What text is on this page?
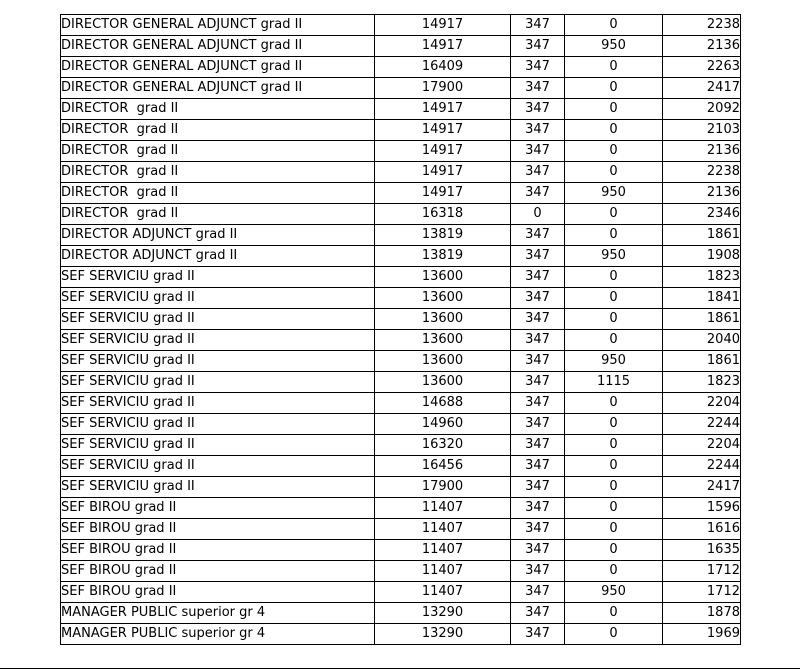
DIRECTOR GENERAL ADJUNCT grad II	14917	347	0	2238
DIRECTOR GENERAL ADJUNCT grad II	14917	347	950	2136
DIRECTOR GENERAL ADJUNCT grad II	16409	347	0	2263
DIRECTOR GENERAL ADJUNCT grad II	17900	347	0	2417
DIRECTOR  grad II	14917	347	0	2092
DIRECTOR  grad II	14917	347	0	2103
DIRECTOR  grad II	14917	347	0	2136
DIRECTOR  grad II	14917	347	0	2238
DIRECTOR  grad II	14917	347	950	2136
DIRECTOR  grad II	16318	0	0	2346
DIRECTOR ADJUNCT grad II	13819	347	0	1861
DIRECTOR ADJUNCT grad II	13819	347	950	1908
SEF SERVICIU grad II	13600	347	0	1823
SEF SERVICIU grad II	13600	347	0	1841
SEF SERVICIU grad II	13600	347	0	1861
SEF SERVICIU grad II	13600	347	0	2040
SEF SERVICIU grad II	13600	347	950	1861
SEF SERVICIU grad II	13600	347	1115	1823
SEF SERVICIU grad II	14688	347	0	2204
SEF SERVICIU grad II	14960	347	0	2244
SEF SERVICIU grad II	16320	347	0	2204
SEF SERVICIU grad II	16456	347	0	2244
SEF SERVICIU grad II	17900	347	0	2417
SEF BIROU grad II	11407	347	0	1596
SEF BIROU grad II	11407	347	0	1616
SEF BIROU grad II	11407	347	0	1635
SEF BIROU grad II	11407	347	0	1712
SEF BIROU grad II	11407	347	950	1712
MANAGER PUBLIC superior gr 4	13290	347	0	1878
MANAGER PUBLIC superior gr 4	13290	347	0	1969
